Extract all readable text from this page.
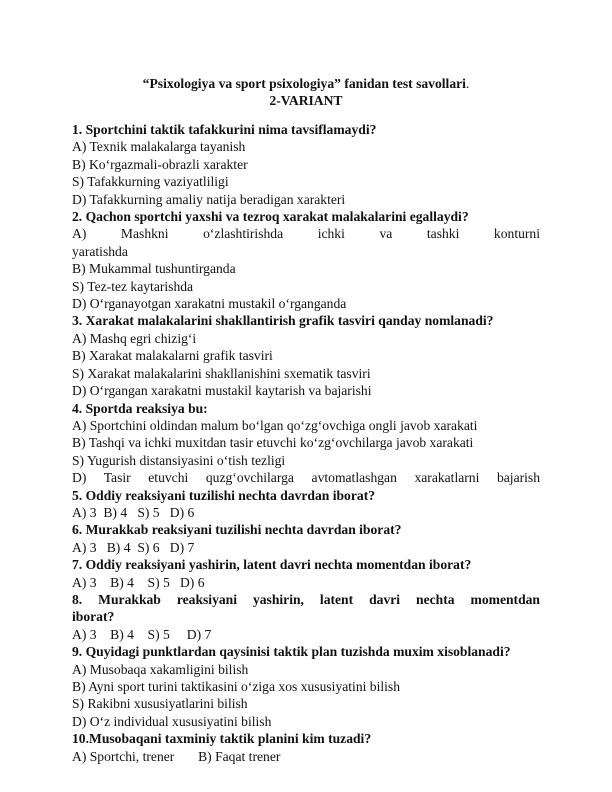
“Psixologiya va sport psixologiya” fanidan test savollari.
2-VARIANT
1. Sportchini taktik tafakkurini nima tavsiflamaydi?
A) Texnik malakalarga tayanish
B) Ko‘rgazmali-obrazli xarakter
S) Tafakkurning vaziyatliligi
D) Tafakkurning amaliy natija beradigan xarakteri
2. Qachon sportchi yaxshi va tezroq xarakat malakalarini egallaydi?
A) Mashkni o‘zlashtirishda ichki va tashki konturni
yaratishda
B) Mukammal tushuntirganda
S) Tez-tez kaytarishda
D) O‘rganayotgan xarakatni mustakil o‘rganganda
3. Xarakat malakalarini shakllantirish grafik tasviri qanday nomlanadi?
A) Mashq egri chizig‘i
B) Xarakat malakalarni grafik tasviri
S) Xarakat malakalarini shakllanishini sxematik tasviri
D) O‘rgangan xarakatni mustakil kaytarish va bajarishi
4. Sportda reaksiya bu:
A) Sportchini oldindan malum bo‘lgan qo‘zg‘ovchiga ongli javob xarakati
B) Tashqi va ichki muxitdan tasir etuvchi ko‘zg‘ovchilarga javob xarakati
S) Yugurish distansiyasini o‘tish tezligi
D) Tasir etuvchi quzg‘ovchilarga avtomatlashgan xarakatlarni bajarish
5. Oddiy reaksiyani tuzilishi nechta davrdan iborat?
A) 3  B) 4   S) 5   D) 6
6. Murakkab reaksiyani tuzilishi nechta davrdan iborat?
A) 3   B) 4  S) 6   D) 7
7. Oddiy reaksiyani yashirin, latent davri nechta momentdan iborat?
A) 3    B) 4    S) 5   D) 6
8. Murakkab reaksiyani yashirin, latent davri nechta momentdan
iborat?
A) 3    B) 4    S) 5     D) 7
9. Quyidagi punktlardan qaysinisi taktik plan tuzishda muxim xisoblanadi?
A) Musobaqa xakamligini bilish
B) Ayni sport turini taktikasini o‘ziga xos xususiyatini bilish
S) Rakibni xususiyatlarini bilish
D) O‘z individual xususiyatini bilish
10.Musobaqani taxminiy taktik planini kim tuzadi?
A) Sportchi, trener       B) Faqat trener
